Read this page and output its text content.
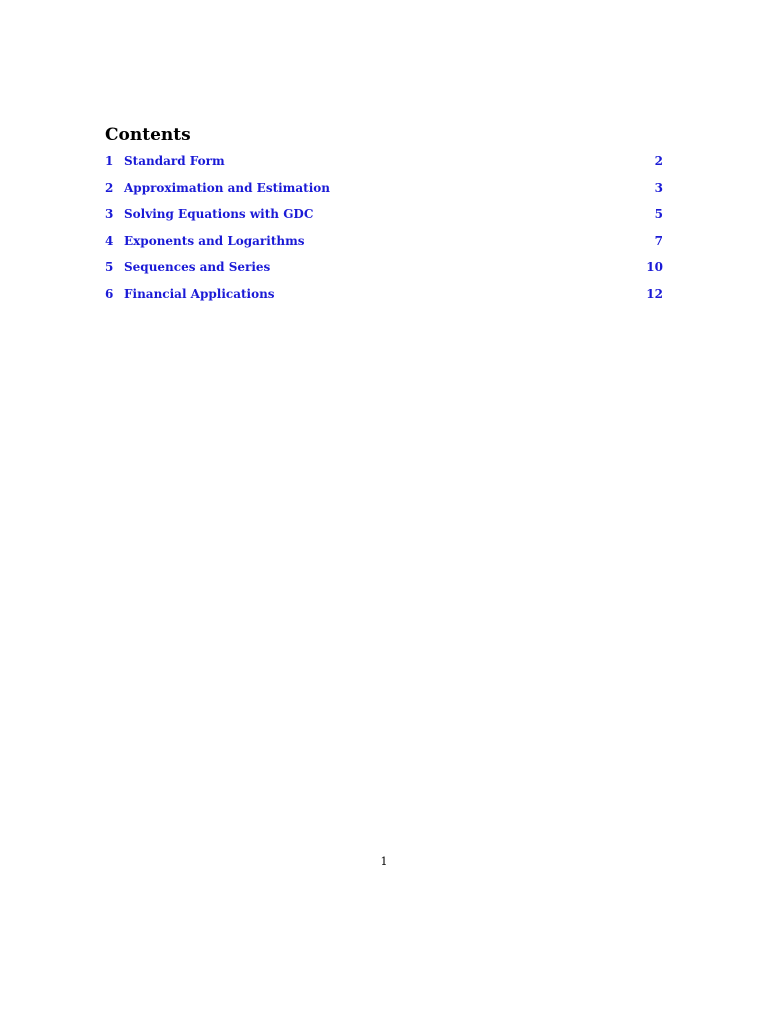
Contents
1 Standard Form	2
2 Approximation and Estimation	3
3 Solving Equations with GDC	5
4 Exponents and Logarithms	7
5 Sequences and Series	10
6 Financial Applications	12
1
